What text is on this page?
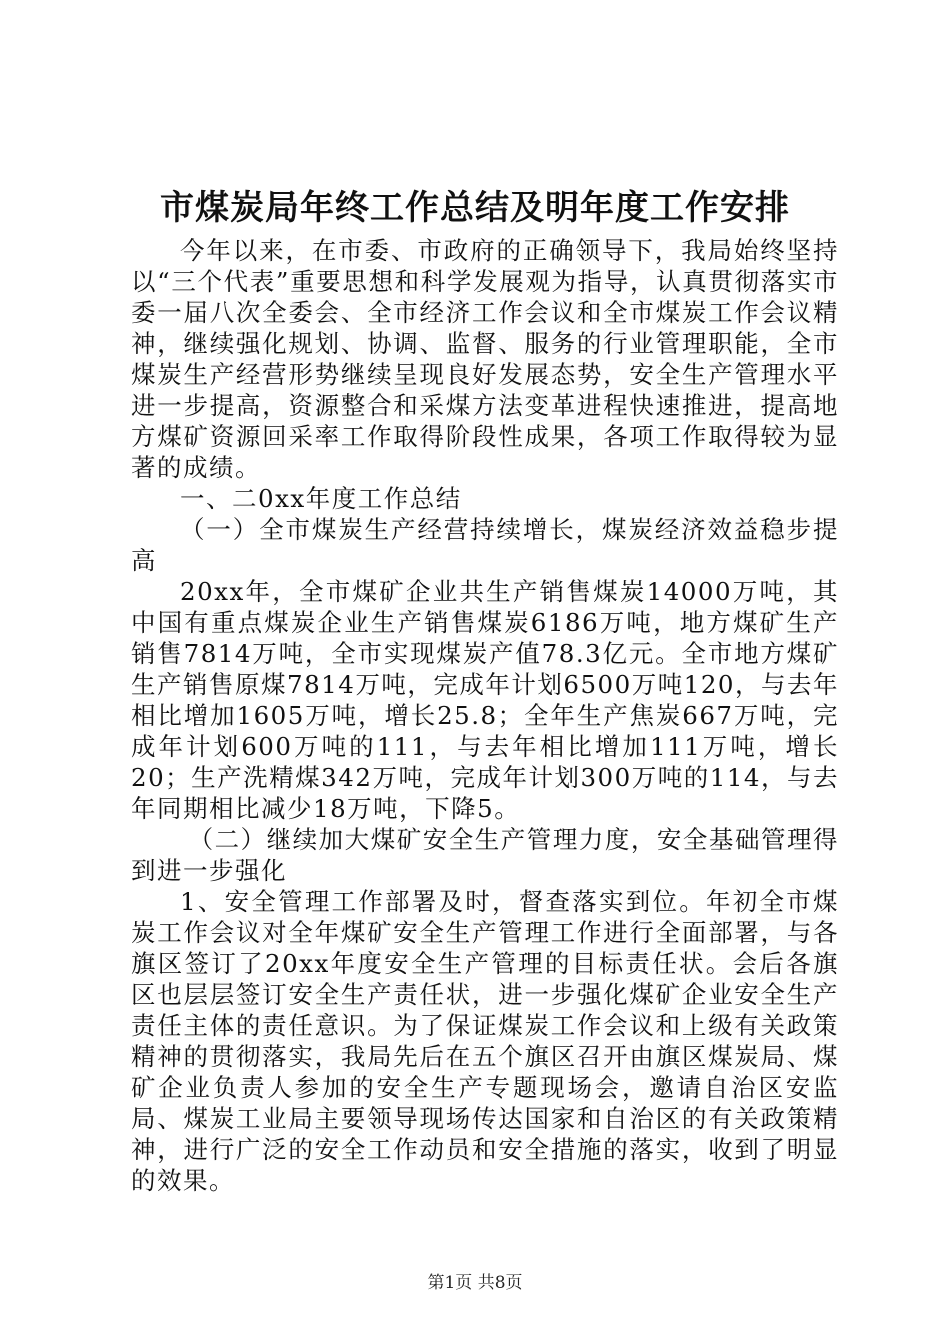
市煤炭局年终工作总结及明年度工作安排

今年以来，在市委、市政府的正确领导下，我局始终坚持以“三个代表”重要思想和科学发展观为指导，认真贯彻落实市委一届八次全委会、全市经济工作会议和全市煤炭工作会议精神，继续强化规划、协调、监督、服务的行业管理职能，全市煤炭生产经营形势继续呈现良好发展态势，安全生产管理水平进一步提高，资源整合和采煤方法变革进程快速推进，提高地方煤矿资源回采率工作取得阶段性成果，各项工作取得较为显著的成绩。

一、二0xx年度工作总结

（一）全市煤炭生产经营持续增长，煤炭经济效益稳步提高

20xx年，全市煤矿企业共生产销售煤炭14000万吨，其中国有重点煤炭企业生产销售煤炭6186万吨，地方煤矿生产销售7814万吨，全市实现煤炭产值78.3亿元。全市地方煤矿生产销售原煤7814万吨，完成年计划6500万吨120，与去年相比增加1605万吨，增长25.8；全年生产焦炭667万吨，完成年计划600万吨的111，与去年相比增加111万吨，增长20；生产洗精煤342万吨，完成年计划300万吨的114，与去年同期相比减少18万吨，下降5。

（二）继续加大煤矿安全生产管理力度，安全基础管理得到进一步强化

1、安全管理工作部署及时，督查落实到位。年初全市煤炭工作会议对全年煤矿安全生产管理工作进行全面部署，与各旗区签订了20xx年度安全生产管理的目标责任状。会后各旗区也层层签订安全生产责任状，进一步强化煤矿企业安全生产责任主体的责任意识。为了保证煤炭工作会议和上级有关政策精神的贯彻落实，我局先后在五个旗区召开由旗区煤炭局、煤矿企业负责人参加的安全生产专题现场会，邀请自治区安监局、煤炭工业局主要领导现场传达国家和自治区的有关政策精神，进行广泛的安全工作动员和安全措施的落实，收到了明显的效果。

第1页 共8页
